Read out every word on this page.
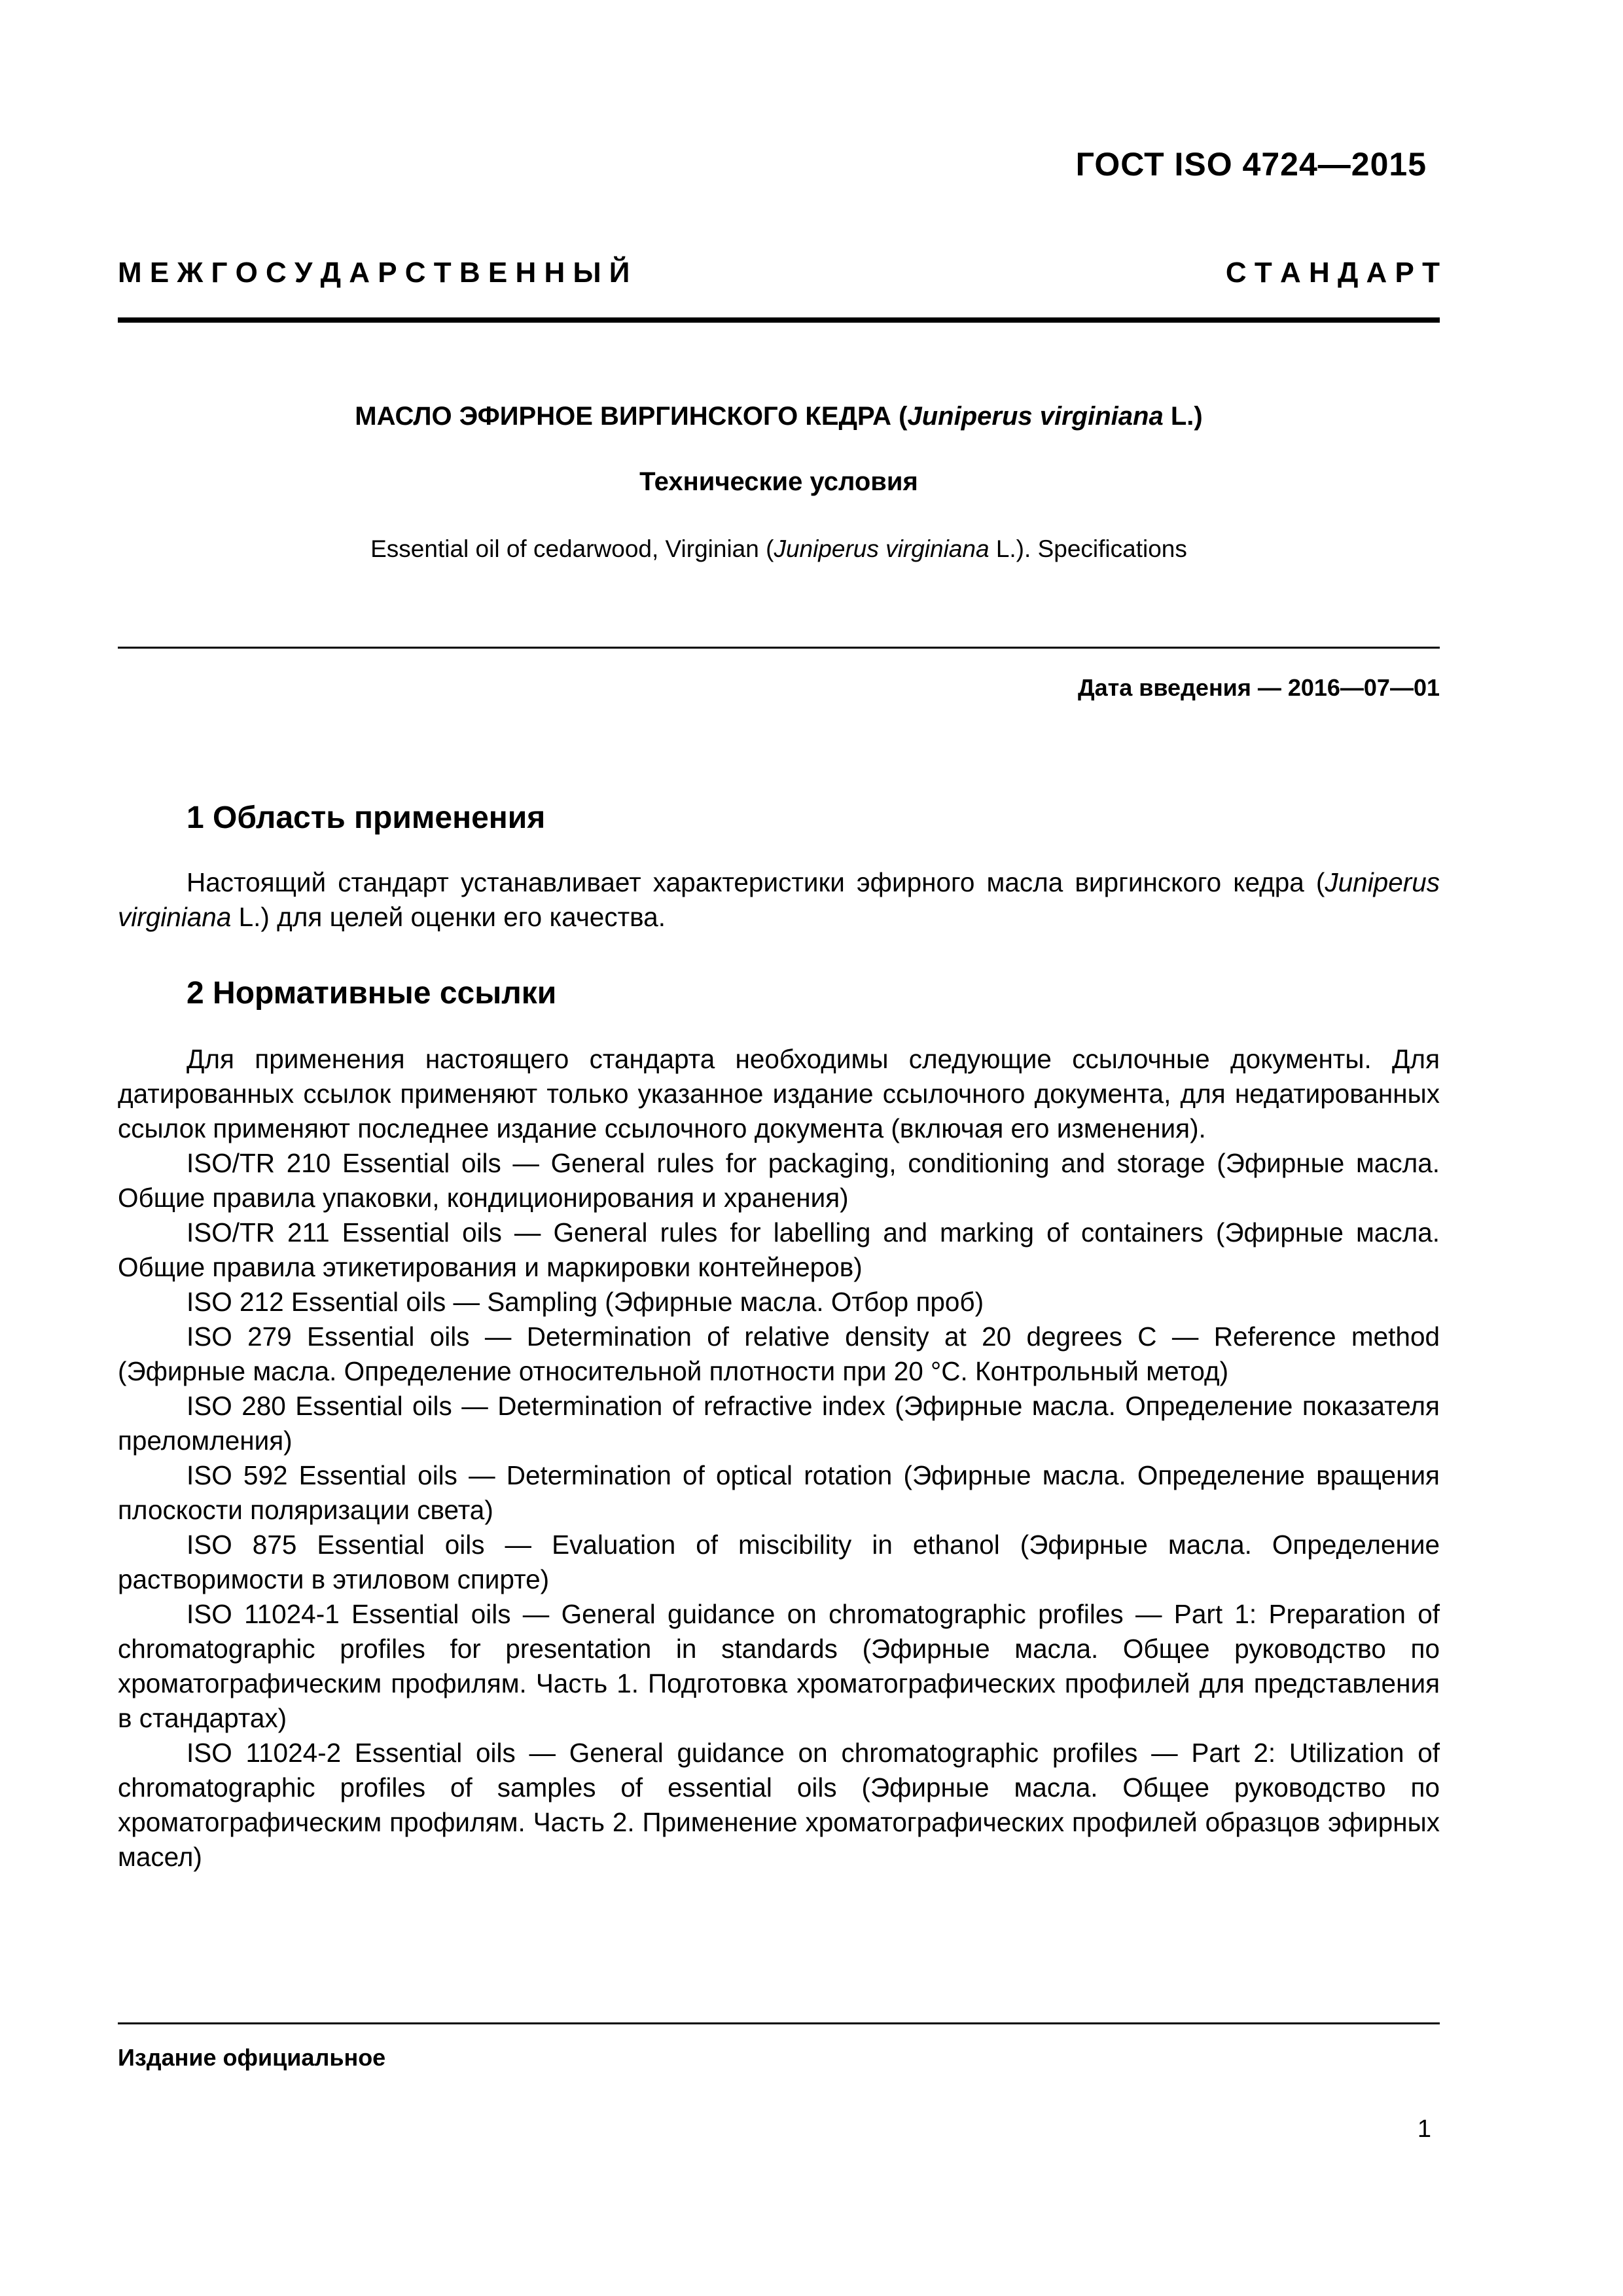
ГОСТ ISO 4724—2015
М Е Ж Г О С У Д А Р С Т В Е Н Н Ы Й	С Т А Н Д А Р Т
МАСЛО ЭФИРНОЕ ВИРГИНСКОГО КЕДРА (Juniperus virginiana L.)
Технические условия
Essential oil of cedarwood, Virginian (Juniperus virginiana L.). Specifications
Дата введения — 2016—07—01
1 Область применения

Настоящий стандарт устанавливает характеристики эфирного масла виргинского кедра (Juniperus virginiana L.) для целей оценки его качества.

2 Нормативные ссылки

Для применения настоящего стандарта необходимы следующие ссылочные документы. Для датированных ссылок применяют только указанное издание ссылочного документа, для недатированных ссылок применяют последнее издание ссылочного документа (включая его изменения).

ISO/TR 210 Essential oils — General rules for packaging, conditioning and storage (Эфирные масла. Общие правила упаковки, кондиционирования и хранения)

ISO/TR 211 Essential oils — General rules for labelling and marking of containers (Эфирные масла. Общие правила этикетирования и маркировки контейнеров)

ISO 212 Essential oils — Sampling (Эфирные масла. Отбор проб)

ISO 279 Essential oils — Determination of relative density at 20 degrees C — Reference method (Эфирные масла. Определение относительной плотности при 20 °С. Контрольный метод)

ISO 280 Essential oils — Determination of refractive index (Эфирные масла. Определение показателя преломления)

ISO 592 Essential oils — Determination of optical rotation (Эфирные масла. Определение вращения плоскости поляризации света)

ISO 875 Essential oils — Evaluation of miscibility in ethanol (Эфирные масла. Определение растворимости в этиловом спирте)

ISO 11024-1 Essential oils — General guidance on chromatographic profiles — Part 1: Preparation of chromatographic profiles for presentation in standards (Эфирные масла. Общее руководство по хроматографическим профилям. Часть 1. Подготовка хроматографических профилей для представления в стандартах)

ISO 11024-2 Essential oils — General guidance on chromatographic profiles — Part 2: Utilization of chromatographic profiles of samples of essential oils (Эфирные масла. Общее руководство по хроматографическим профилям. Часть 2. Применение хроматографических профилей образцов эфирных масел)

Издание официальное
1
